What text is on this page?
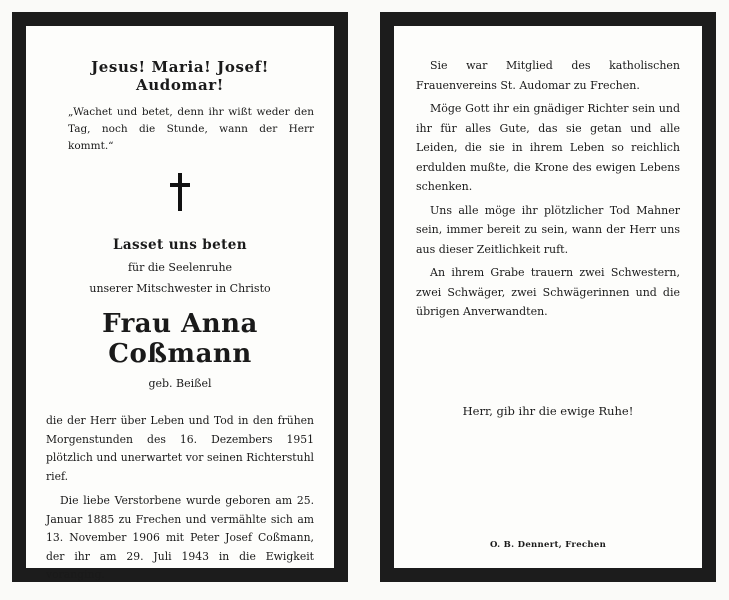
Jesus! Maria! Josef! Audomar!
„Wachet und betet, denn ihr wißt weder den Tag, noch die Stunde, wann der Herr kommt.“
Lasset uns beten
für die Seelenruhe
unserer Mitschwester in Christo
Frau Anna Coßmann
geb. Beißel
die der Herr über Leben und Tod in den frühen Morgenstunden des 16. Dezembers 1951 plötzlich und unerwartet vor seinen Richterstuhl rief.
Die liebe Verstorbene wurde geboren am 25. Januar 1885 zu Frechen und vermählte sich am 13. November 1906 mit Peter Josef Coßmann, der ihr am 29. Juli 1943 in die Ewigkeit voranging.
Sie war Mitglied des katholischen Frauenvereins St. Audomar zu Frechen.
Möge Gott ihr ein gnädiger Richter sein und ihr für alles Gute, das sie getan und alle Leiden, die sie in ihrem Leben so reichlich erdulden mußte, die Krone des ewigen Lebens schenken.
Uns alle möge ihr plötzlicher Tod Mahner sein, immer bereit zu sein, wann der Herr uns aus dieser Zeitlichkeit ruft.
An ihrem Grabe trauern zwei Schwestern, zwei Schwäger, zwei Schwägerinnen und die übrigen Anverwandten.
Herr, gib ihr die ewige Ruhe!
O. B. Dennert, Frechen
